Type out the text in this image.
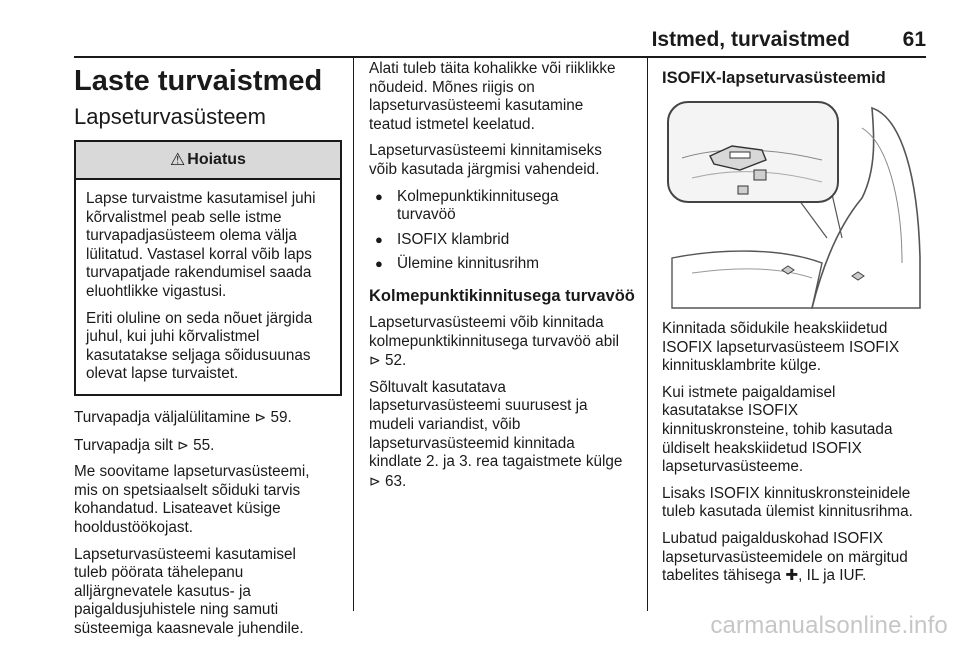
Istmed, turvaistmed	61
Laste turvaistmed
Lapseturvasüsteem
⚠ Hoiatus

Lapse turvaistme kasutamisel juhi
kõrvalistmel peab selle istme
turvapadjasüsteem olema välja
lülitatud. Vastasel korral võib laps
turvapatjade rakendumisel saada
eluohtlikke vigastusi.

Eriti oluline on seda nõuet järgida
juhul, kui juhi kõrvalistmel
kasutatakse seljaga sõidusuunas
olevat lapse turvaistet.

Turvapadja väljalülitamine ⊳ 59.

Turvapadja silt ⊳ 55.

Me soovitame lapseturvasüsteemi,
mis on spetsiaalselt sõiduki tarvis
kohandatud. Lisateavet küsige
hooldustöökojast.

Lapseturvasüsteemi kasutamisel
tuleb pöörata tähelepanu
alljärgnevatele kasutus- ja
paigaldusjuhistele ning samuti
süsteemiga kaasnevale juhendile.

Alati tuleb täita kohalikke või riiklikke
nõudeid. Mõnes riigis on
lapseturvasüsteemi kasutamine
teatud istmetel keelatud.

Lapseturvasüsteemi kinnitamiseks
võib kasutada järgmisi vahendeid.

● Kolmepunktikinnitusega
turvavöö
● ISOFIX klambrid
● Ülemine kinnitusrihm
Kolmepunktikinnitusega turvavöö

Lapseturvasüsteemi võib kinnitada
kolmepunktikinnitusega turvavöö abil
⊳ 52.

Sõltuvalt kasutatava
lapseturvasüsteemi suurusest ja
mudeli variandist, võib
lapseturvasüsteemid kinnitada
kindlate 2. ja 3. rea tagaistmete külge
⊳ 63.

ISOFIX-lapseturvasüsteemid

Kinnitada sõidukile heakskiidetud
ISOFIX lapseturvasüsteem ISOFIX
kinnitusklambrite külge.

Kui istmete paigaldamisel
kasutatakse ISOFIX
kinnituskronsteine, tohib kasutada
üldiselt heakskiidetud ISOFIX
lapseturvasüsteeme.

Lisaks ISOFIX kinnituskronsteinidele
tuleb kasutada ülemist kinnitusrihma.

Lubatud paigalduskohad ISOFIX
lapseturvasüsteemidele on märgitud
tabelites tähisega ✚, IL ja IUF.

carmanualsonline.info
